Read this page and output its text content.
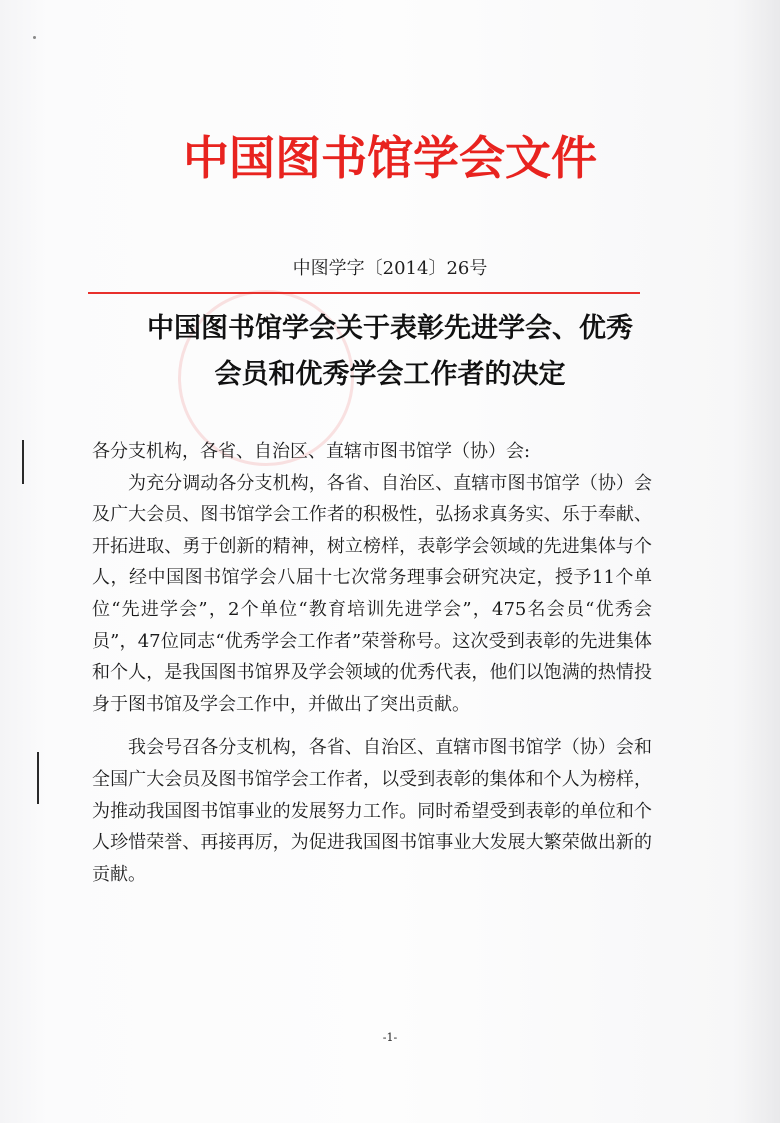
中国图书馆学会文件
中图学字〔2014〕26号
中国图书馆学会关于表彰先进学会、优秀
会员和优秀学会工作者的决定

各分支机构，各省、自治区、直辖市图书馆学（协）会:

为充分调动各分支机构，各省、自治区、直辖市图书馆学（协）会及广大会员、图书馆学会工作者的积极性，弘扬求真务实、乐于奉献、开拓进取、勇于创新的精神，树立榜样，表彰学会领域的先进集体与个人，经中国图书馆学会八届十七次常务理事会研究决定，授予11个单位“先进学会”，2个单位“教育培训先进学会”，475名会员“优秀会员”，47位同志“优秀学会工作者”荣誉称号。这次受到表彰的先进集体和个人，是我国图书馆界及学会领域的优秀代表，他们以饱满的热情投身于图书馆及学会工作中，并做出了突出贡献。

我会号召各分支机构，各省、自治区、直辖市图书馆学（协）会和全国广大会员及图书馆学会工作者，以受到表彰的集体和个人为榜样，为推动我国图书馆事业的发展努力工作。同时希望受到表彰的单位和个人珍惜荣誉、再接再厉，为促进我国图书馆事业大发展大繁荣做出新的贡献。

-1-
